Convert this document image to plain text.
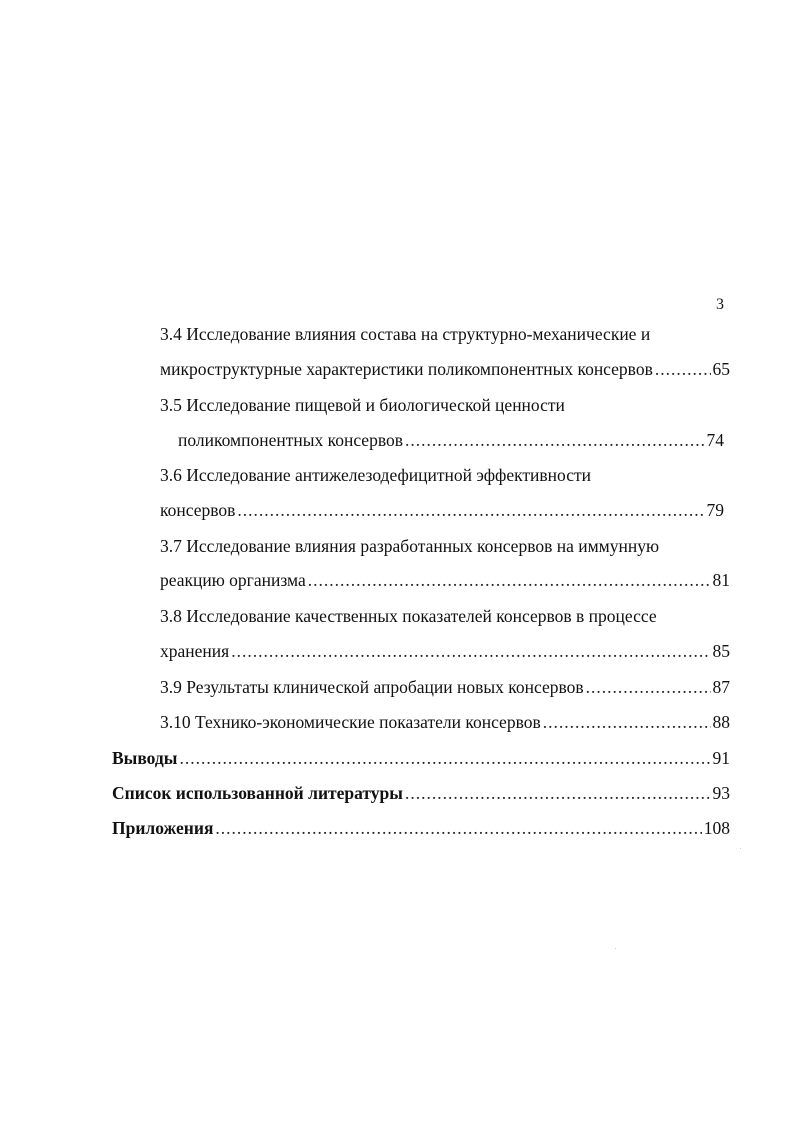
3
3.4 Исследование влияния состава на структурно-механические и
микроструктурные характеристики поликомпонентных консервов .....	65
3.5 Исследование пищевой и биологической ценности
поликомпонентных консервов .....	74
3.6 Исследование антижелезодефицитной эффективности
консервов .....	79
3.7 Исследование влияния разработанных консервов на иммунную
реакцию организма .....	81
3.8 Исследование качественных показателей консервов в процессе
хранения .....	85
3.9 Результаты клинической апробации новых консервов .....	87
3.10 Технико-экономические показатели консервов .....	88
Выводы .....	91
Список использованной литературы .....	93
Приложения .....	108
